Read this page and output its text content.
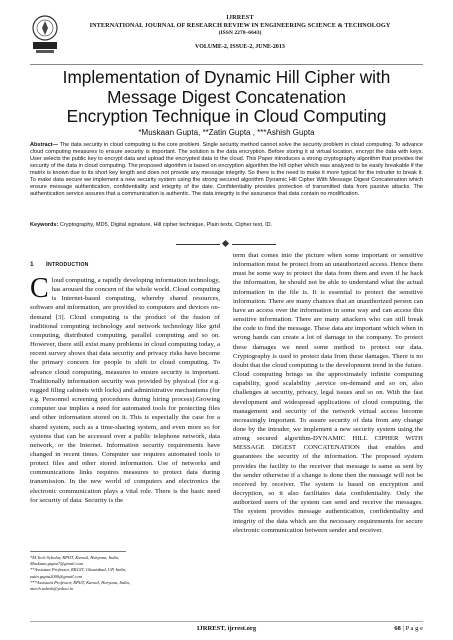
IJRREST
INTERNATIONAL JOURNAL OF RESEARCH REVIEW IN ENGINEERING SCIENCE & TECHNOLOGY
(ISSN 2278–6643)
VOLUME-2, ISSUE-2, JUNE-2013
Implementation of Dynamic Hill Cipher with
Message Digest Concatenation
Encryption Technique in Cloud Computing
*Muskaan Gupta, **Zatin Gupta , ***Ashish Gupta

Abstract— The data security in cloud computing is the core problem. Single security method cannot solve the security problem in cloud computing. To advance cloud computing measures to ensure security is important. The solution is the data encryption. Before storing it at virtual location, encrypt the data with keys. User selects the public key to encrypt data and upload the encrypted data to the cloud. This Paper introduces a strong cryptography algorithm that provides the security of the data in cloud computing. The proposed algorithm is based on encryption algorithm the hill cipher which was analyzed to be easily breakable if the matrix is known due to its short key length and does not provide any message integrity. So there is the need to make it more typical for the intruder to break it. To make data secure we implement a new security system using the strong secured algorithm Dynamic Hill Cipher With Message Digest Concatenation which ensure message authentication, confidentiality and integrity of the date. Confidentiality provides protection of transmitted data from passive attacks. The authentication service assures that a communication is authentic. The data integrity is the assurance that data contain no modification.

Keywords: Cryptography, MD5, Digital signature, Hill cipher technique, Plain texts, Cipher text, ID.

1 INTRODUCTION

Cloud computing, a rapidly developing information technology, has aroused the concern of the whole world. Cloud computing is Internet-based computing, whereby shared resources, software and information, are provided to computers and devices on-demand [3]. Cloud computing is the product of the fusion of traditional computing technology and network technology like grid computing, distributed computing, parallel computing and so on. However, there still exist many problems in cloud computing today, a recent survey shows that data security and privacy risks have become the primary concern for people to shift to cloud computing. To advance cloud computing, measures to ensure security is important. Traditionally information security was provided by physical (for e.g. rugged filing cabinets with locks) and administrative mechanisms (for e.g. Personnel screening procedures during hiring process).Growing computer use implies a need for automated tools for protecting files and other information stored on it. This is especially the case for a shared system, such as a time-sharing system, and even more so for systems that can be accessed over a public telephone network, data network, or the Internet. Information security requirements have changed in recent times. Computer use requires automated tools to protect files and other stored information. Use of networks and communications links requires measures to protect data during transmission. In the new world of computers and electronics the electronic communication plays a vital role. There is the basic need for security of data. Security is the

term that comes into the picture when some important or sensitive information must be protect from an unauthorized access. Hence there must be some way to protect the data from them and even if he hack the information, he should not be able to understand what the actual information in the file is. It is essential to protect the sensitive information. There are many chances that an unauthorized person can have an access over the information in some way and can access this sensitive information. There are many attackers who can still break the code to find the message. These data are important which when in wrong hands can create a lot of damage to the company. To protect these damages we need some method to protect our data. Cryptography is used to protect data from these damages. There is no doubt that the cloud computing is the development trend in the future. Cloud computing brings us the approximately infinite computing capability, good scalability ,service on-demand and so on, also challenges at security, privacy, legal issues and so on. With the fast development and widespread applications of cloud computing, the management and security of the network virtual access become increasingly important. To assure security of data from any change done by the intruder, we implement a new security system using the strong secured algorithm-DYNAMIC HILL CIPHER WITH MESSAGE DIGEST CONCATENATION that enables and guarantees the security of the information. The proposed system provides the facility to the receiver that message is same as sent by the sender otherwise if a change is done then the message will not be received by receiver. The system is based on encryption and decryption, so it also facilitates data confidentiality. Only the authorized users of the system can send and receive the messages. The system provides message authentication, confidentiality and integrity of the data which are the necessary requirements for secure electronic communication between sender and receiver.

*M.Tech Scholar, RPIIT, Karnal, Haryana, India,
Muskaan.gupta7@gmail.com
**Assistant Professor, RKGIT, Ghaziabad, UP, India,
zatin.gupta2000@gmail.com
***Assistant Professor, RPIIT, Karnal, Haryana, India,
mtech.ashish@yahoo.in
IJRREST, ijrrest.org	68 | P a g e
